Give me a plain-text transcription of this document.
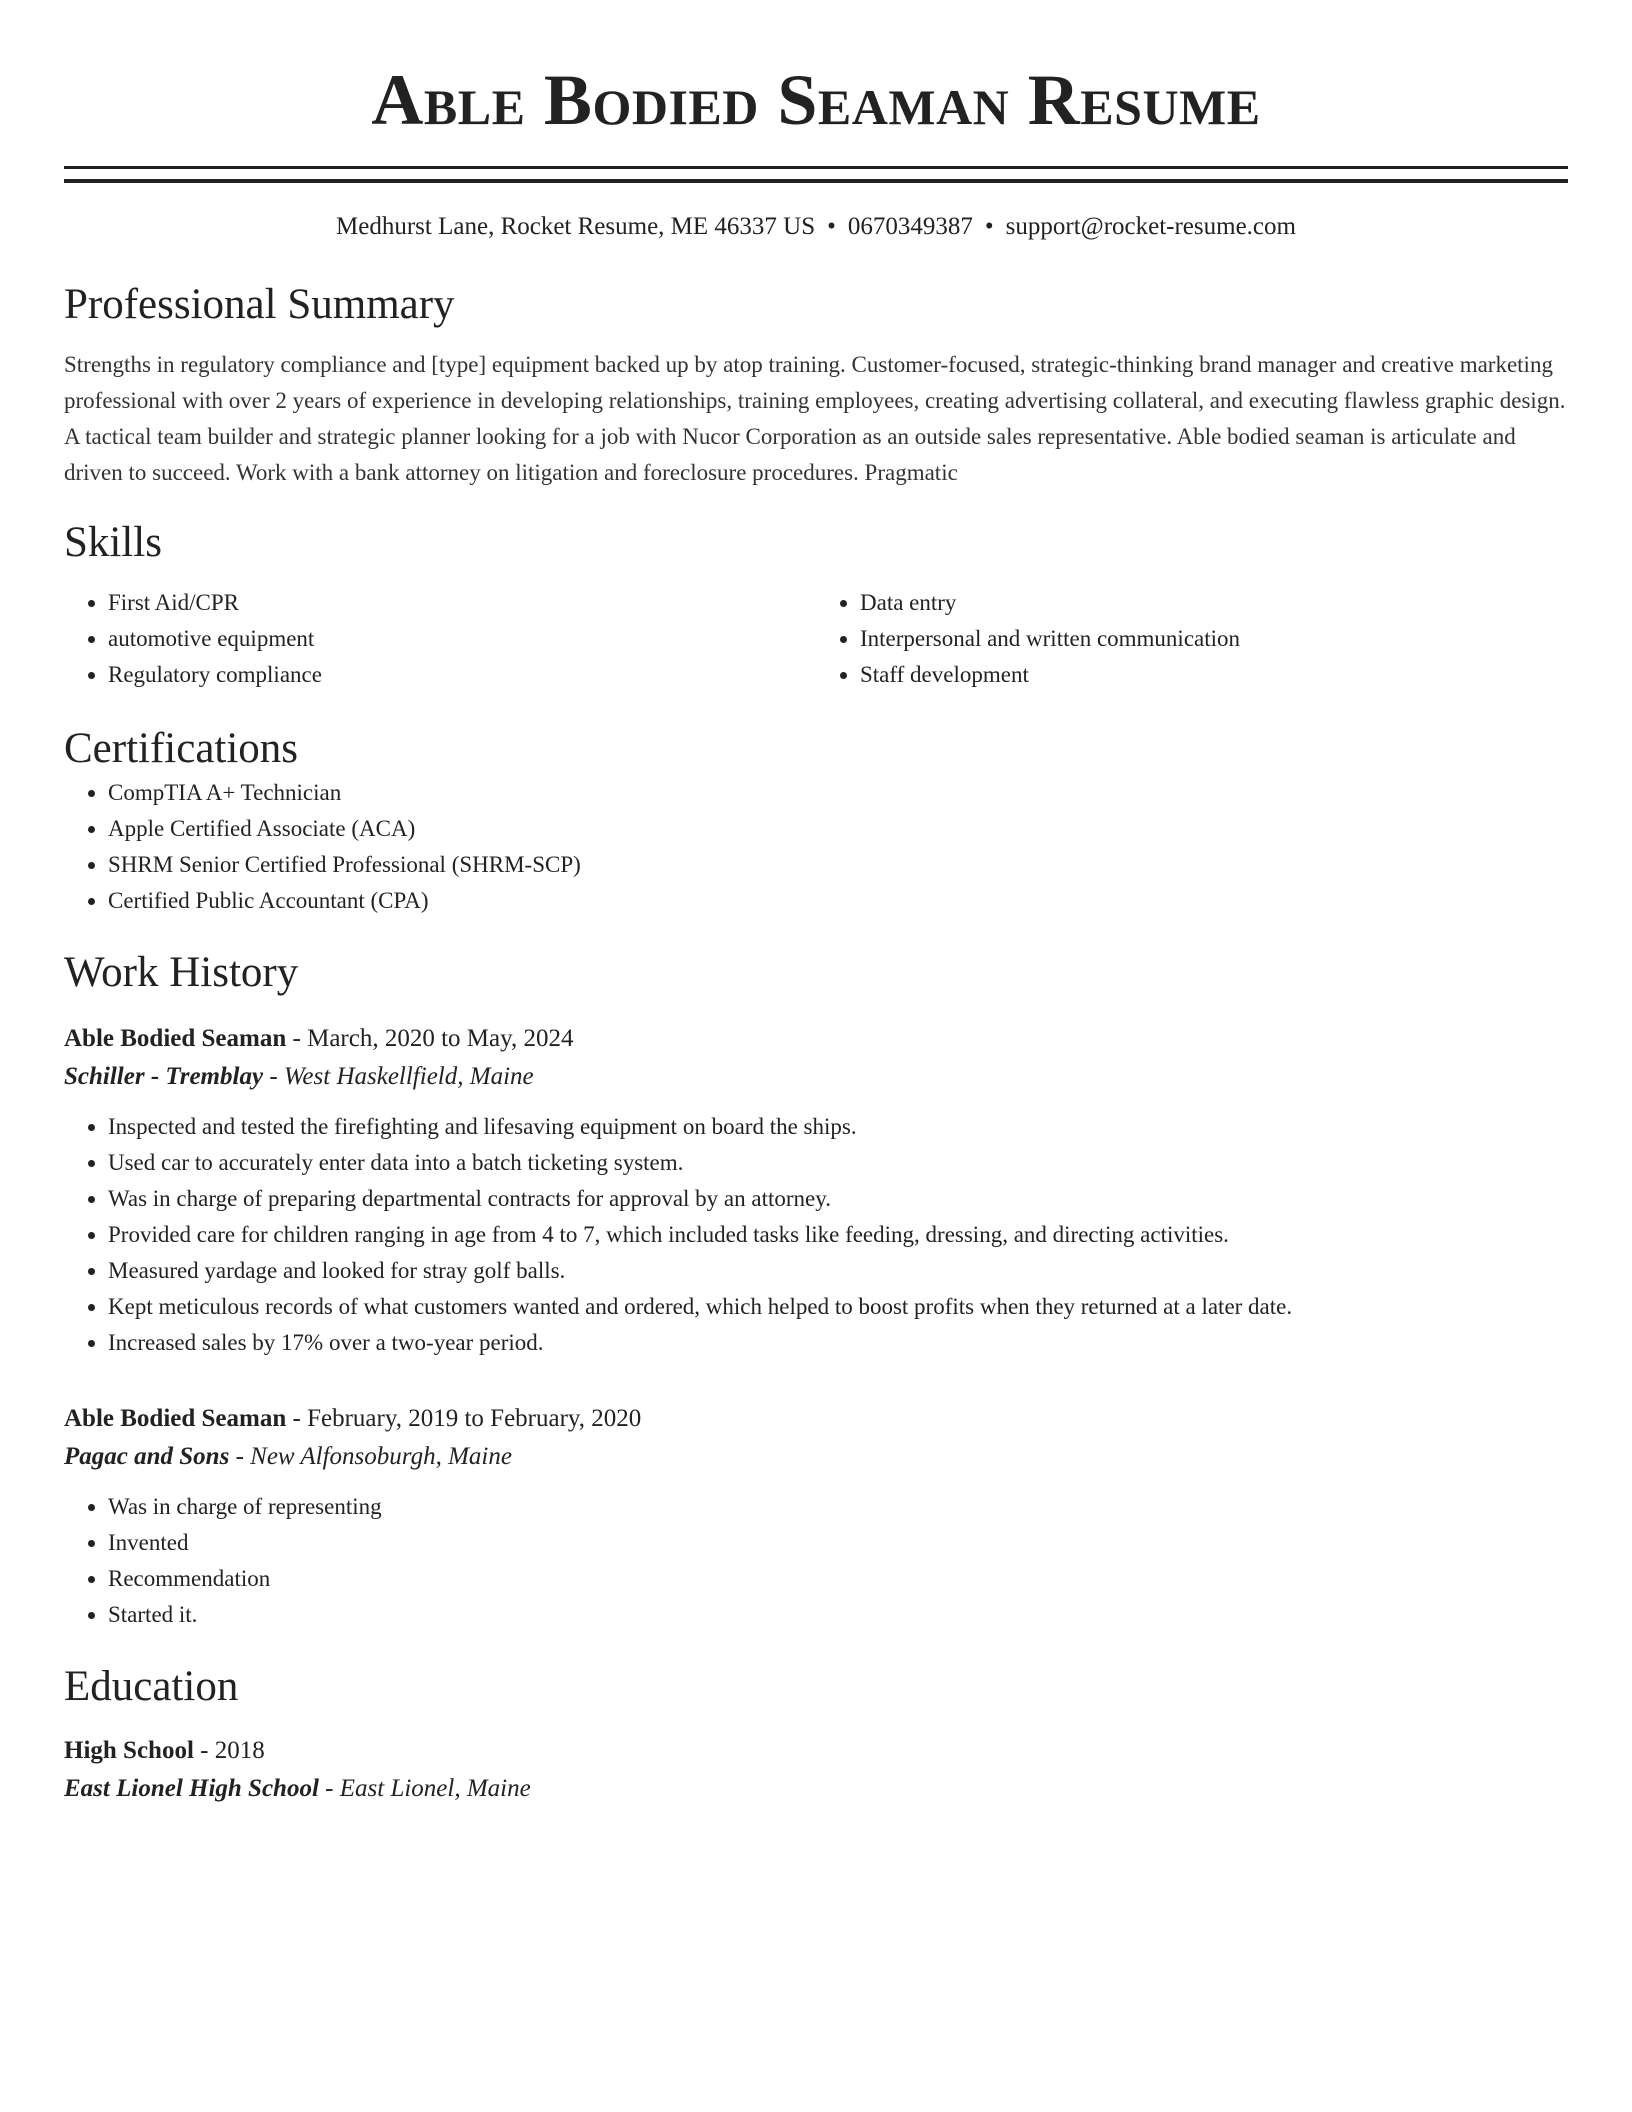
Able Bodied Seaman Resume
Medhurst Lane, Rocket Resume, ME 46337 US • 0670349387 • support@rocket-resume.com
Professional Summary

Strengths in regulatory compliance and [type] equipment backed up by atop training. Customer-focused, strategic-thinking brand manager and creative marketing professional with over 2 years of experience in developing relationships, training employees, creating advertising collateral, and executing flawless graphic design. A tactical team builder and strategic planner looking for a job with Nucor Corporation as an outside sales representative. Able bodied seaman is articulate and driven to succeed. Work with a bank attorney on litigation and foreclosure procedures. Pragmatic

Skills
• First Aid/CPR
• automotive equipment
• Regulatory compliance
• Data entry
• Interpersonal and written communication
• Staff development
Certifications
• CompTIA A+ Technician
• Apple Certified Associate (ACA)
• SHRM Senior Certified Professional (SHRM-SCP)
• Certified Public Accountant (CPA)
Work History
Able Bodied Seaman - March, 2020 to May, 2024
Schiller - Tremblay - West Haskellfield, Maine
• Inspected and tested the firefighting and lifesaving equipment on board the ships.
• Used car to accurately enter data into a batch ticketing system.
• Was in charge of preparing departmental contracts for approval by an attorney.
• Provided care for children ranging in age from 4 to 7, which included tasks like feeding, dressing, and directing activities.
• Measured yardage and looked for stray golf balls.
• Kept meticulous records of what customers wanted and ordered, which helped to boost profits when they returned at a later date.
• Increased sales by 17% over a two-year period.
Able Bodied Seaman - February, 2019 to February, 2020
Pagac and Sons - New Alfonsoburgh, Maine
• Was in charge of representing
• Invented
• Recommendation
• Started it.
Education
High School - 2018
East Lionel High School - East Lionel, Maine
